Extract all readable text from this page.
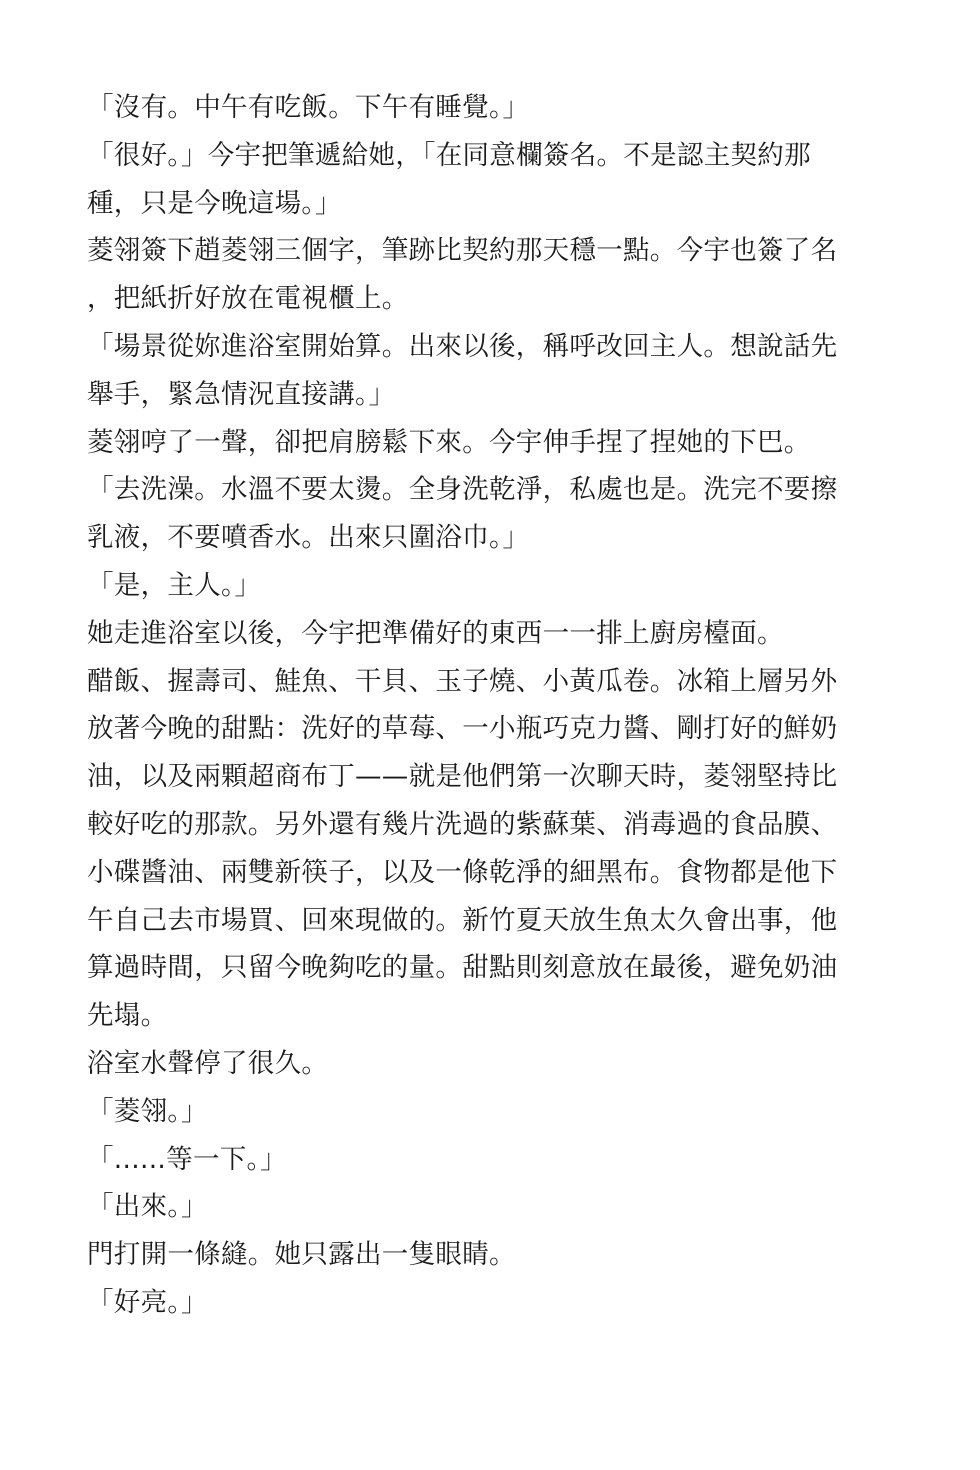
「沒有。中午有吃飯。下午有睡覺。」
「很好。」今宇把筆遞給她，「在同意欄簽名。不是認主契約那
種，只是今晚這場。」
菱翎簽下趙菱翎三個字，筆跡比契約那天穩一點。今宇也簽了名
，把紙折好放在電視櫃上。
「場景從妳進浴室開始算。出來以後，稱呼改回主人。想說話先
舉手，緊急情況直接講。」
菱翎哼了一聲，卻把肩膀鬆下來。今宇伸手捏了捏她的下巴。
「去洗澡。水溫不要太燙。全身洗乾淨，私處也是。洗完不要擦
乳液，不要噴香水。出來只圍浴巾。」
「是，主人。」
她走進浴室以後，今宇把準備好的東西一一排上廚房檯面。
醋飯、握壽司、鮭魚、干貝、玉子燒、小黃瓜卷。冰箱上層另外
放著今晚的甜點：洗好的草莓、一小瓶巧克力醬、剛打好的鮮奶
油，以及兩顆超商布丁——就是他們第一次聊天時，菱翎堅持比
較好吃的那款。另外還有幾片洗過的紫蘇葉、消毒過的食品膜、
小碟醬油、兩雙新筷子，以及一條乾淨的細黑布。食物都是他下
午自己去市場買、回來現做的。新竹夏天放生魚太久會出事，他
算過時間，只留今晚夠吃的量。甜點則刻意放在最後，避免奶油
先塌。
浴室水聲停了很久。
「菱翎。」
「......等一下。」
「出來。」
門打開一條縫。她只露出一隻眼睛。
「好亮。」
